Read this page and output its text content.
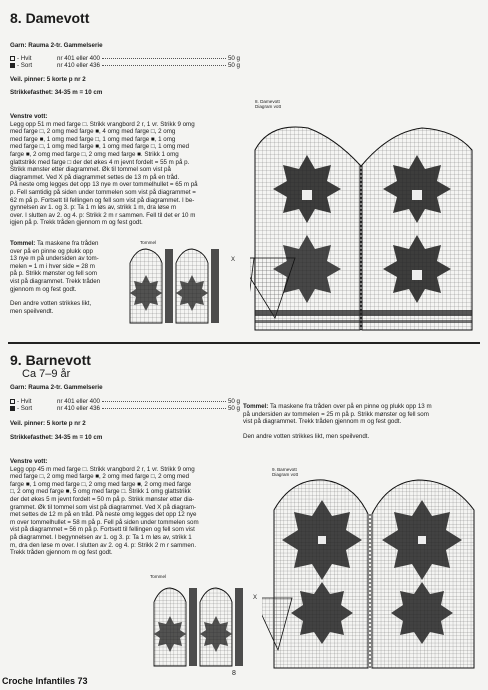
8. Damevott
Garn: Rauma 2-tr. Gammelserie
- Hvit	nr 401 eller 400	50 g
- Sort	nr 410 eller 436	50 g
Veil. pinner: 5 korte p nr 2
Strikkefasthet: 34-35 m = 10 cm
Venstre vott:
Legg opp 51 m med farge □. Strikk vrangbord 2 r, 1 vr. Strikk 9 omg
med farge □, 2 omg med farge ■, 4 omg med farge □, 2 omg
med farge ■, 1 omg med farge □, 1 omg med farge ■, 1 omg
med farge □, 1 omg med farge ■, 1 omg med farge □, 1 omg med
farge ■, 2 omg med farge □, 2 omg med farge ■. Strikk 1 omg
glattstrikk med farge □ der det økes 4 m jevnt fordelt = 55 m på p.
Strikk mønster etter diagrammet. Øk til tommel som vist på
diagrammet. Ved X på diagrammet settes de 13 m på en tråd.
På neste omg legges det opp 13 nye m over tommelhullet = 65 m på
p. Fell samtidig på siden under tommelen som vist på diagrammet =
62 m på p. Fortsett til fellingen og fell som vist på diagrammet. I be-
gynnelsen av 1. og 3. p: Ta 1 m løs av, strikk 1 m, dra løse m
over. I slutten av 2. og 4. p: Strikk 2 m r sammen. Fell til det er 10 m
igjen på p. Trekk tråden gjennom m og fest godt.
Tommel: Ta maskene fra tråden
over på en pinne og plukk opp
13 nye m på undersiden av tom-
melen = 1 m i hver side = 28 m
på p. Strikk mønster og fell som
vist på diagrammet. Trekk tråden
gjennom m og fest godt.
Den andre votten strikkes likt,
men speilvendt.
8. Damevott
Diagram vott
Tommel
X
9. Barnevott
Ca 7–9 år
Garn: Rauma 2-tr. Gammelserie
- Hvit	nr 401 eller 400	50 g
- Sort	nr 410 eller 436	50 g
Veil. pinner: 5 korte p nr 2
Strikkefasthet: 34-35 m = 10 cm
Venstre vott:
Legg opp 45 m med farge □. Strikk vrangbord 2 r, 1 vr. Strikk 9 omg
med farge □, 2 omg med farge ■, 2 omg med farge □, 2 omg med
farge ■, 1 omg med farge □, 2 omg med farge ■, 2 omg med farge
□, 2 omg med farge ■, 5 omg med farge □. Strikk 1 omg glattstrikk
der det økes 5 m jevnt fordelt = 50 m på p. Strikk mønster etter dia-
grammet. Øk til tommel som vist på diagrammet. Ved X på diagram-
met settes de 12 m på en tråd. På neste omg legges det opp 12 nye
m over tommelhullet = 58 m på p. Fell på siden under tommelen som
vist på diagrammet = 56 m på p. Fortsett til fellingen og fell som vist
på diagrammet. I begynnelsen av 1. og 3. p: Ta 1 m løs av, strikk 1
m, dra den løse m over. I slutten av 2. og 4. p: Strikk 2 m r sammen.
Trekk tråden gjennom m og fest godt.
Tommel: Ta maskene fra tråden over på en pinne og plukk opp 13 m
på undersiden av tommelen = 25 m på p. Strikk mønster og fell som
vist på diagrammet. Trekk tråden gjennom m og fest godt.
Den andre votten strikkes likt, men speilvendt.
9. Barnevott
Diagram vott
Tommel
X
8
Croche Infantiles 73
